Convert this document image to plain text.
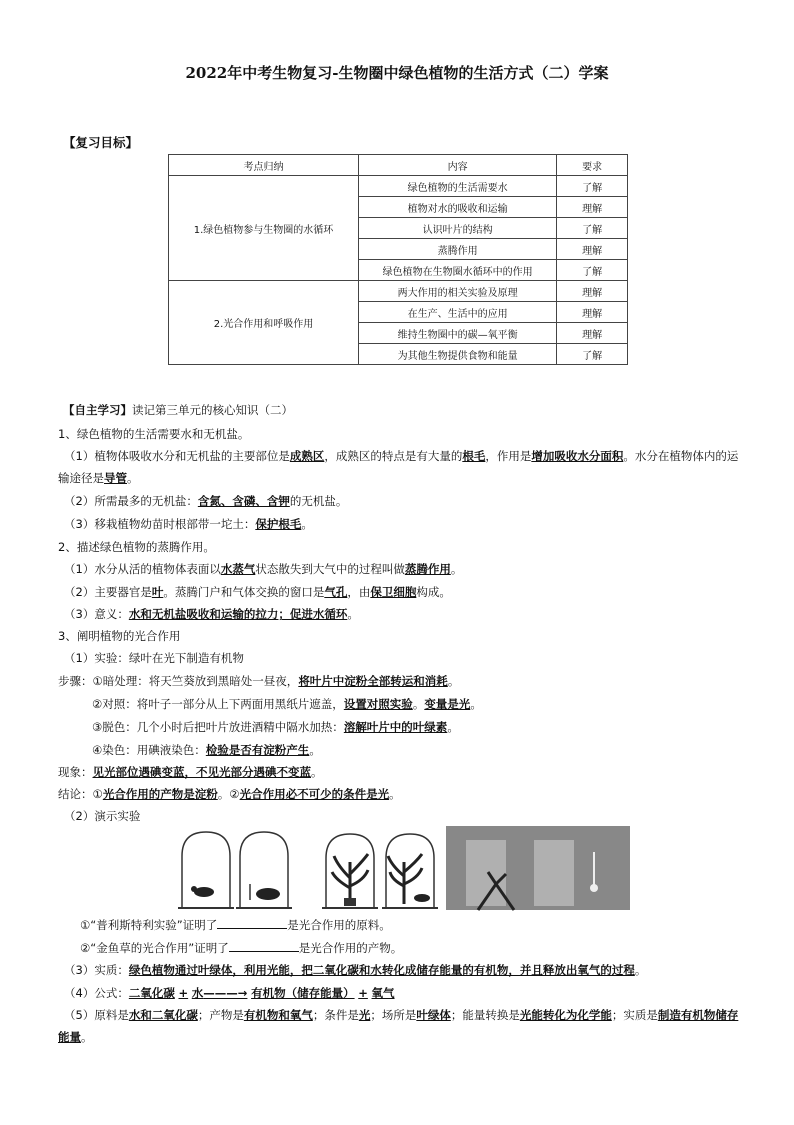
2022年中考生物复习-生物圈中绿色植物的生活方式（二）学案
【复习目标】
考点归纳	内容	要求
1.绿色植物参与生物圈的水循环	绿色植物的生活需要水	了解
	植物对水的吸收和运输	理解
	认识叶片的结构	了解
	蒸腾作用	理解
	绿色植物在生物圈水循环中的作用	了解
2.光合作用和呼吸作用	两大作用的相关实验及原理	理解
	在生产、生活中的应用	理解
	维持生物圈中的碳—氧平衡	理解
	为其他生物提供食物和能量	了解
【自主学习】读记第三单元的核心知识（二）
1、绿色植物的生活需要水和无机盐。
（1）植物体吸收水分和无机盐的主要部位是成熟区，成熟区的特点是有大量的根毛，作用是增加吸收水分面积。水分在植物体内的运
输途径是导管。
（2）所需最多的无机盐：含氮、含磷、含钾的无机盐。
（3）移栽植物幼苗时根部带一坨土：保护根毛。
2、描述绿色植物的蒸腾作用。
（1）水分从活的植物体表面以水蒸气状态散失到大气中的过程叫做蒸腾作用。
（2）主要器官是叶。蒸腾门户和气体交换的窗口是气孔，由保卫细胞构成。
（3）意义：水和无机盐吸收和运输的拉力；促进水循环。
3、阐明植物的光合作用
（1）实验：绿叶在光下制造有机物
步骤：①暗处理：将天竺葵放到黑暗处一昼夜，将叶片中淀粉全部转运和消耗。
②对照：将叶子一部分从上下两面用黑纸片遮盖，设置对照实验。变量是光。
③脱色：几个小时后把叶片放进酒精中隔水加热：溶解叶片中的叶绿素。
④染色：用碘液染色：检验是否有淀粉产生。
现象：见光部位遇碘变蓝，不见光部分遇碘不变蓝。
结论：①光合作用的产物是淀粉。②光合作用必不可少的条件是光。
（2）演示实验
①“普利斯特利实验”证明了	是光合作用的原料。
②“金鱼草的光合作用”证明了	是光合作用的产物。
（3）实质：绿色植物通过叶绿体，利用光能，把二氧化碳和水转化成储存能量的有机物，并且释放出氧气的过程。
（4）公式：二氧化碳 + 水———→ 有机物（储存能量） + 氧气
（5）原料是水和二氧化碳；产物是有机物和氧气；条件是光；场所是叶绿体；能量转换是光能转化为化学能；实质是制造有机物储存
能量。
